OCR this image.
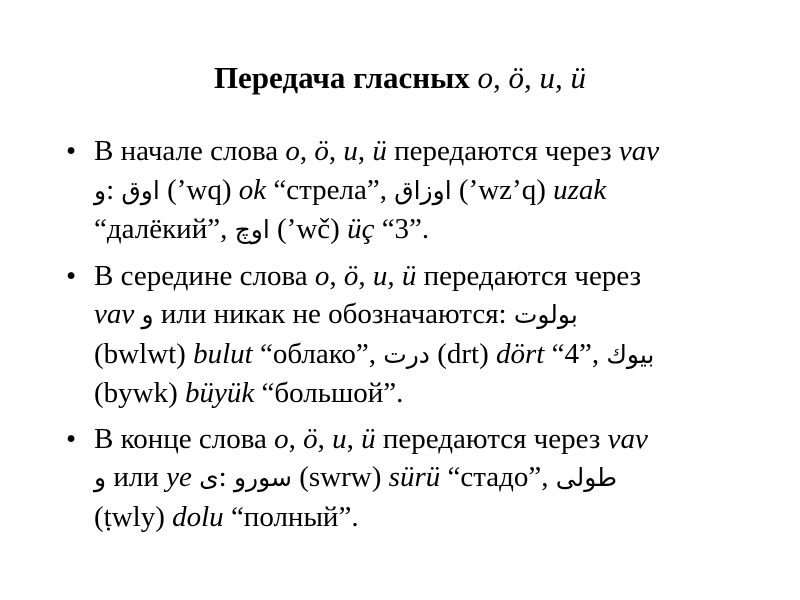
Передача гласных o, ö, u, ü
• В начале слова o, ö, u, ü передаются через vav
و: اوق (’wq) ok “стрела”, اوزاق (’wz’q) uzak
“далёкий”, اوچ (’wč) üç “3”.
• В середине слова o, ö, u, ü передаются через
vav و или никак не обозначаются: بولوت
(bwlwt) bulut “облако”, درت (drt) dört “4”, بيوك
(bywk) büyük “большой”.
• В конце слова o, ö, u, ü передаются через vav
و или ye ى: سورو (swrw) sürü “стадо”, طولى
(ṭwly) dolu “полный”.
